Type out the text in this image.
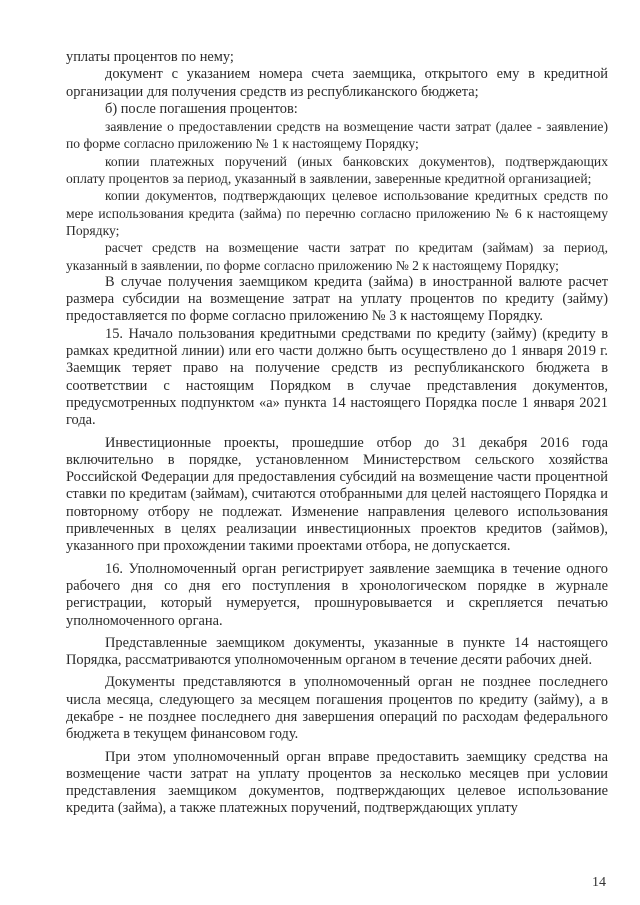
уплаты процентов по нему;

документ с указанием номера счета заемщика, открытого ему в кредитной организации для получения средств из республиканского бюджета;

б) после погашения процентов:

заявление о предоставлении средств на возмещение части затрат (далее - заявление) по форме согласно приложению № 1 к настоящему Порядку;

копии платежных поручений (иных банковских документов), подтверждающих оплату процентов за период, указанный в заявлении, заверенные кредитной организацией;

копии документов, подтверждающих целевое использование кредитных средств по мере использования кредита (займа) по перечню согласно приложению № 6 к настоящему Порядку;

расчет средств на возмещение части затрат по кредитам (займам) за период, указанный в заявлении, по форме согласно приложению № 2 к настоящему Порядку;

В случае получения заемщиком кредита (займа) в иностранной валюте расчет размера субсидии на возмещение затрат на уплату процентов по кредиту (займу) предоставляется по форме согласно приложению № 3 к настоящему Порядку.

15. Начало пользования кредитными средствами по кредиту (займу) (кредиту в рамках кредитной линии) или его части должно быть осуществлено до 1 января 2019 г. Заемщик теряет право на получение средств из республиканского бюджета в соответствии с настоящим Порядком в случае представления документов, предусмотренных подпунктом «а» пункта 14 настоящего Порядка после 1 января 2021 года.

Инвестиционные проекты, прошедшие отбор до 31 декабря 2016 года включительно в порядке, установленном Министерством сельского хозяйства Российской Федерации для предоставления субсидий на возмещение части процентной ставки по кредитам (займам), считаются отобранными для целей настоящего Порядка и повторному отбору не подлежат. Изменение направления целевого использования привлеченных в целях реализации инвестиционных проектов кредитов (займов), указанного при прохождении такими проектами отбора, не допускается.

16. Уполномоченный орган регистрирует заявление заемщика в течение одного рабочего дня со дня его поступления в хронологическом порядке в журнале регистрации, который нумеруется, прошнуровывается и скрепляется печатью уполномоченного органа.

Представленные заемщиком документы, указанные в пункте 14 настоящего Порядка, рассматриваются уполномоченным органом в течение десяти рабочих дней.

Документы представляются в уполномоченный орган не позднее последнего числа месяца, следующего за месяцем погашения процентов по кредиту (займу), а в декабре - не позднее последнего дня завершения операций по расходам федерального бюджета в текущем финансовом году.

При этом уполномоченный орган вправе предоставить заемщику средства на возмещение части затрат на уплату процентов за несколько месяцев при условии представления заемщиком документов, подтверждающих целевое использование кредита (займа), а также платежных поручений, подтверждающих уплату

14
